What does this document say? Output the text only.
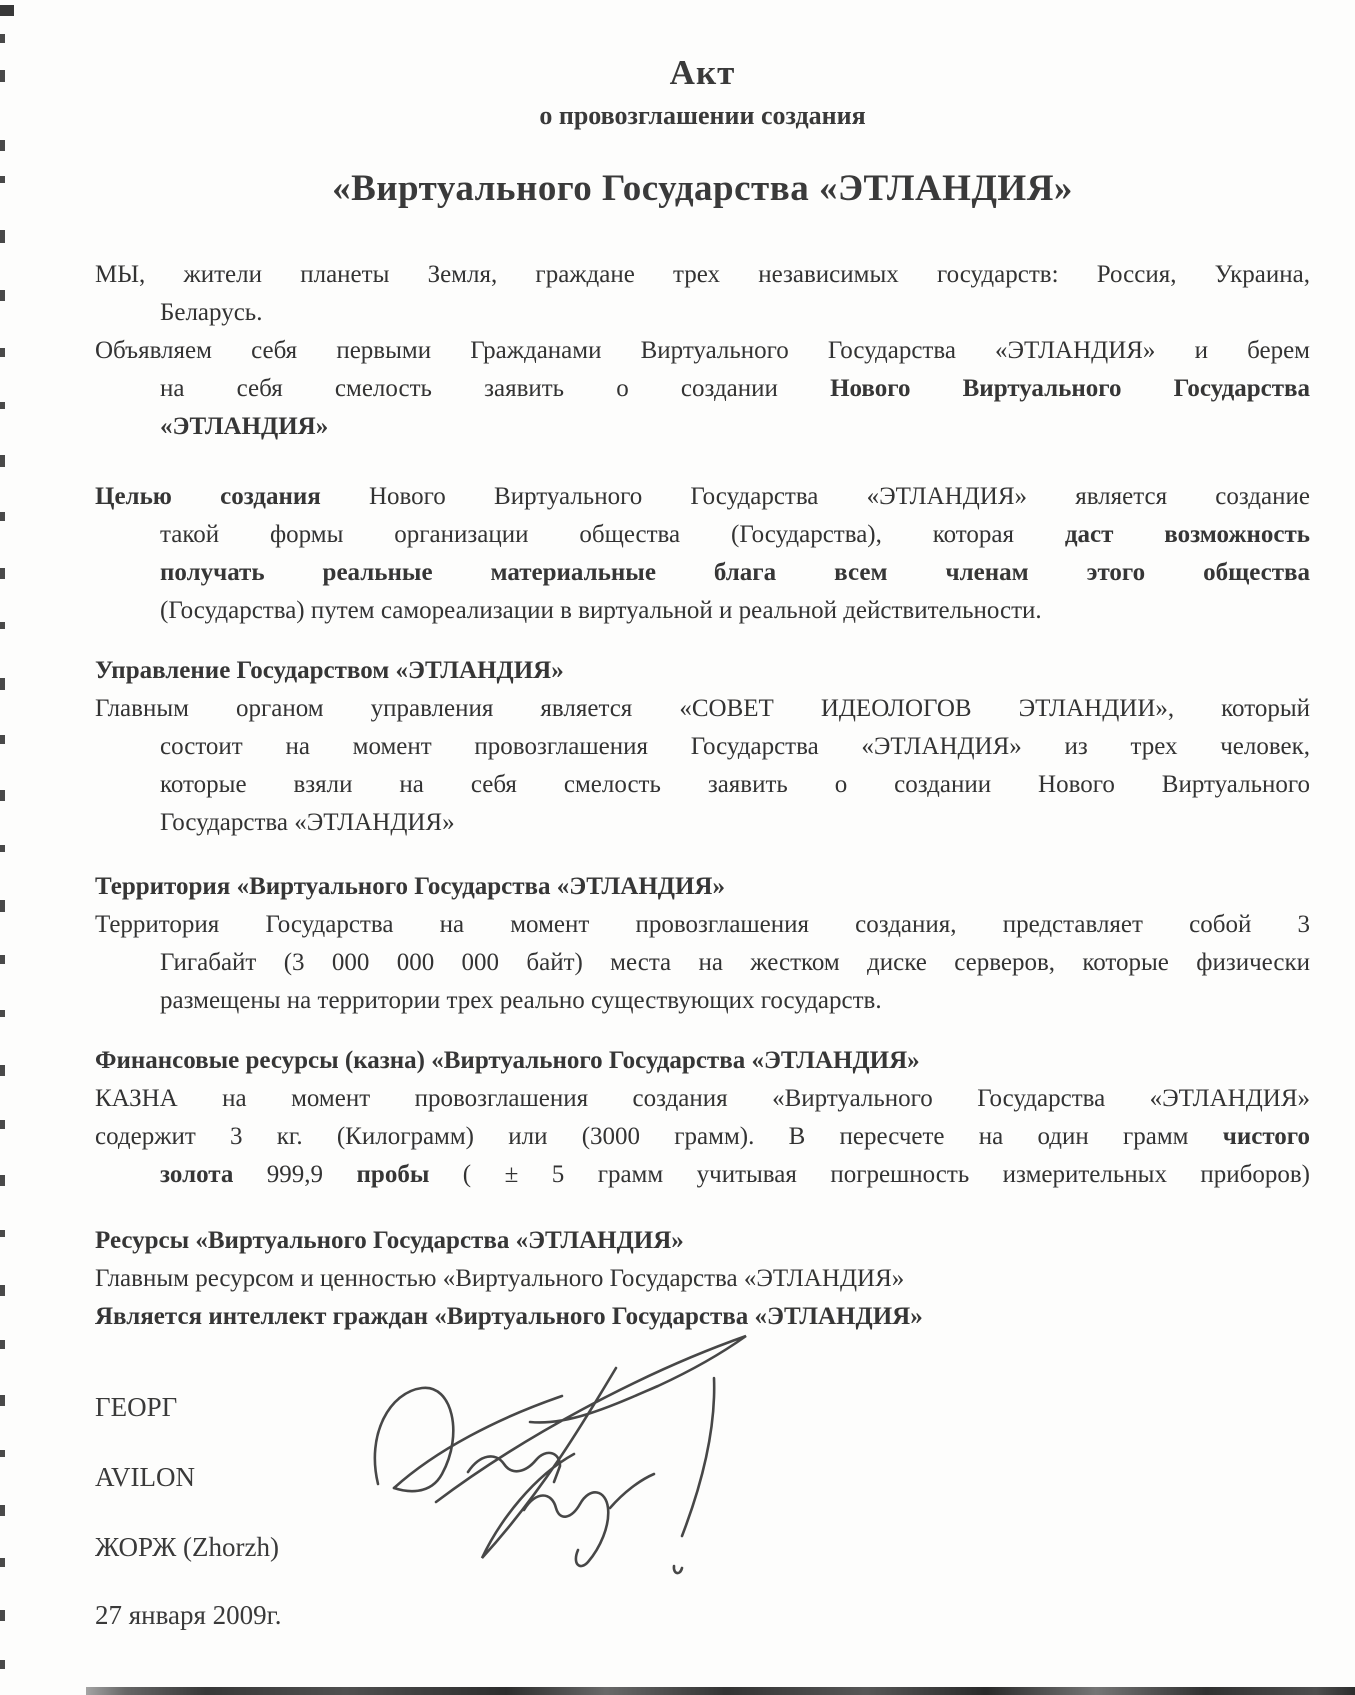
Акт
о провозглашении создания
«Виртуального Государства «ЭТЛАНДИЯ»
МЫ, жители планеты Земля, граждане трех независимых государств: Россия, Украина,
Беларусь.
Объявляем себя первыми Гражданами Виртуального Государства «ЭТЛАНДИЯ» и берем
на себя смелость заявить о создании Нового Виртуального Государства
«ЭТЛАНДИЯ»
Целью создания Нового Виртуального Государства «ЭТЛАНДИЯ» является создание
такой формы организации общества (Государства), которая даст возможность
получать реальные материальные блага всем членам этого общества
(Государства) путем самореализации в виртуальной и реальной действительности.
Управление Государством «ЭТЛАНДИЯ»
Главным органом управления является «СОВЕТ ИДЕОЛОГОВ ЭТЛАНДИИ», который
состоит на момент провозглашения Государства «ЭТЛАНДИЯ» из трех человек,
которые взяли на себя смелость заявить о создании Нового Виртуального
Государства «ЭТЛАНДИЯ»
Территория «Виртуального Государства «ЭТЛАНДИЯ»
Территория Государства на момент провозглашения создания, представляет собой 3
Гигабайт (3 000 000 000 байт) места на жестком диске серверов, которые физически
размещены на территории трех реально существующих государств.
Финансовые ресурсы (казна) «Виртуального Государства «ЭТЛАНДИЯ»
КАЗНА на момент провозглашения создания «Виртуального Государства «ЭТЛАНДИЯ»
содержит 3 кг. (Килограмм) или (3000 грамм). В пересчете на один грамм чистого
золота 999,9 пробы ( ± 5 грамм учитывая погрешность измерительных приборов)
Ресурсы «Виртуального Государства «ЭТЛАНДИЯ»
Главным ресурсом и ценностью «Виртуального Государства «ЭТЛАНДИЯ»
Является интеллект граждан «Виртуального Государства «ЭТЛАНДИЯ»
ГЕОРГ
AVILON
ЖОРЖ (Zhorzh)
27 января 2009г.
